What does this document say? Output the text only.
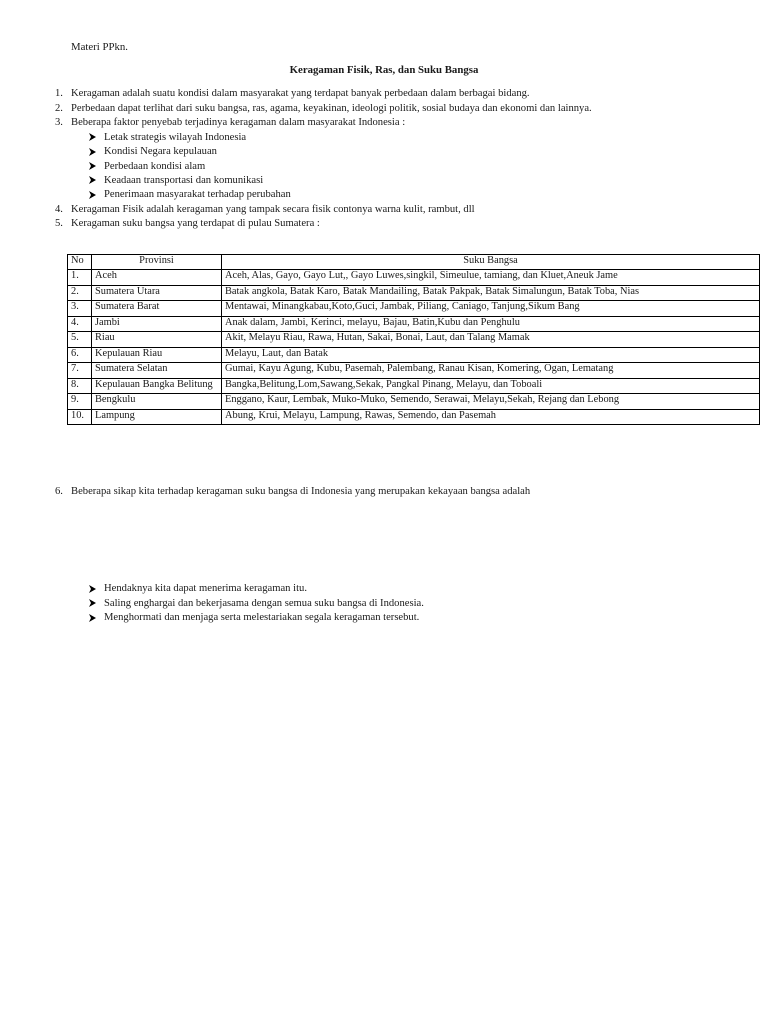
Materi PPkn.
Keragaman Fisik, Ras, dan Suku Bangsa
1. Keragaman adalah suatu kondisi dalam masyarakat yang terdapat banyak perbedaan dalam berbagai bidang.
2. Perbedaan dapat terlihat dari suku bangsa, ras, agama, keyakinan, ideologi politik, sosial budaya dan ekonomi dan lainnya.
3. Beberapa faktor penyebab terjadinya keragaman dalam masyarakat Indonesia :
Letak strategis wilayah Indonesia
Kondisi Negara kepulauan
Perbedaan kondisi alam
Keadaan transportasi dan komunikasi
Penerimaan masyarakat terhadap perubahan
4. Keragaman Fisik adalah keragaman yang tampak secara fisik contonya warna kulit, rambut, dll
5. Keragaman suku bangsa yang terdapat di pulau Sumatera :
No	Provinsi	Suku Bangsa
1.	Aceh	Aceh, Alas, Gayo, Gayo Lut,, Gayo Luwes,singkil, Simeulue, tamiang, dan Kluet,Aneuk Jame
2.	Sumatera Utara	Batak angkola, Batak Karo, Batak Mandailing, Batak Pakpak, Batak Simalungun, Batak Toba, Nias
3.	Sumatera Barat	Mentawai, Minangkabau,Koto,Guci, Jambak, Piliang, Caniago, Tanjung,Sikum Bang
4.	Jambi	Anak dalam, Jambi, Kerinci, melayu, Bajau, Batin,Kubu dan Penghulu
5.	Riau	Akit, Melayu Riau, Rawa, Hutan, Sakai, Bonai, Laut, dan Talang Mamak
6.	Kepulauan Riau	Melayu, Laut, dan Batak
7.	Sumatera Selatan	Gumai, Kayu Agung, Kubu, Pasemah, Palembang, Ranau Kisan, Komering, Ogan, Lematang
8.	Kepulauan Bangka Belitung	Bangka,Belitung,Lom,Sawang,Sekak, Pangkal Pinang, Melayu, dan Toboali
9.	Bengkulu	Enggano, Kaur, Lembak, Muko-Muko, Semendo, Serawai, Melayu,Sekah, Rejang dan Lebong
10.	Lampung	Abung, Krui, Melayu, Lampung, Rawas, Semendo, dan Pasemah
6. Beberapa sikap kita terhadap keragaman suku bangsa di Indonesia yang merupakan kekayaan bangsa adalah
Hendaknya kita dapat menerima keragaman itu.
Saling enghargai dan bekerjasama dengan semua suku bangsa di Indonesia.
Menghormati dan menjaga serta melestariakan segala keragaman tersebut.
